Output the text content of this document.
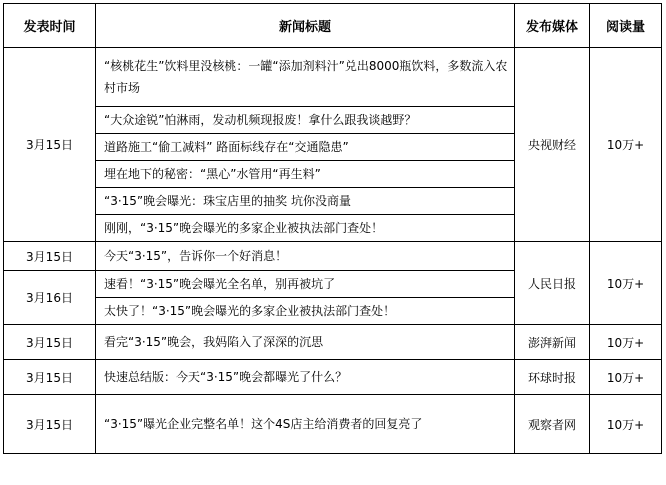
发表时间	新闻标题	发布媒体	阅读量
3月15日	“核桃花生”饮料里没核桃：一罐“添加剂料汁”兑出8000瓶饮料，多数流入农村市场	央视财经	10万+
	“大众途锐”怕淋雨，发动机频现报废！拿什么跟我谈越野？		
	道路施工“偷工减料” 路面标线存在“交通隐患”		
	埋在地下的秘密：“黑心”水管用“再生料”		
	“3·15”晚会曝光：珠宝店里的抽奖 坑你没商量		
	刚刚，“3·15”晚会曝光的多家企业被执法部门查处！		
3月15日	今天“3·15”，告诉你一个好消息！	人民日报	10万+
3月16日	速看！“3·15”晚会曝光全名单，别再被坑了		
	太快了！“3·15”晚会曝光的多家企业被执法部门查处！		
3月15日	看完“3·15”晚会，我妈陷入了深深的沉思	澎湃新闻	10万+
3月15日	快速总结版：今天“3·15”晚会都曝光了什么？	环球时报	10万+
3月15日	“3·15”曝光企业完整名单！这个4S店主给消费者的回复亮了	观察者网	10万+
